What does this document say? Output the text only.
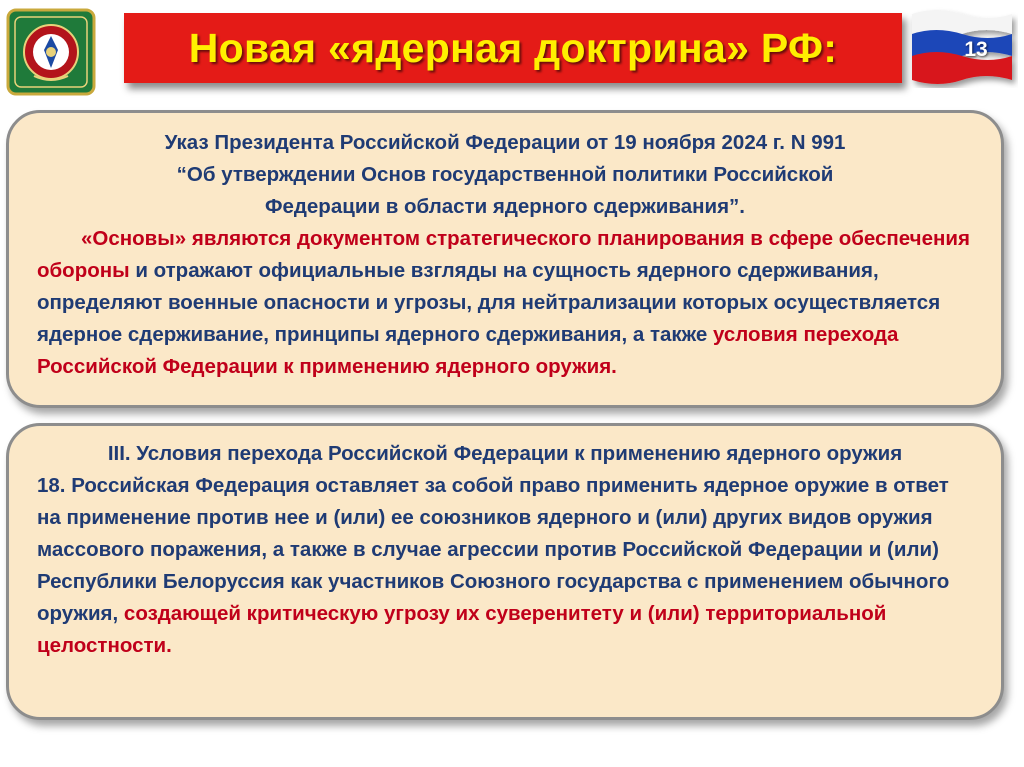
Новая «ядерная доктрина» РФ:	13

Указ Президента Российской Федерации от 19 ноября 2024 г. N 991

“Об утверждении Основ государственной политики Российской

Федерации в области ядерного сдерживания”.

«Основы» являются документом стратегического планирования в сфере обеспечения обороны и отражают официальные взгляды на сущность ядерного сдерживания, определяют военные опасности и угрозы, для нейтрализации которых осуществляется ядерное сдерживание, принципы ядерного сдерживания, а также условия перехода Российской Федерации к применению ядерного оружия.

III. Условия перехода Российской Федерации к применению ядерного оружия

18. Российская Федерация оставляет за собой право применить ядерное оружие в ответ на применение против нее и (или) ее союзников ядерного и (или) других видов оружия массового поражения, а также в случае агрессии против Российской Федерации и (или) Республики Белоруссия как участников Союзного государства с применением обычного оружия, создающей критическую угрозу их суверенитету и (или) территориальной целостности.
